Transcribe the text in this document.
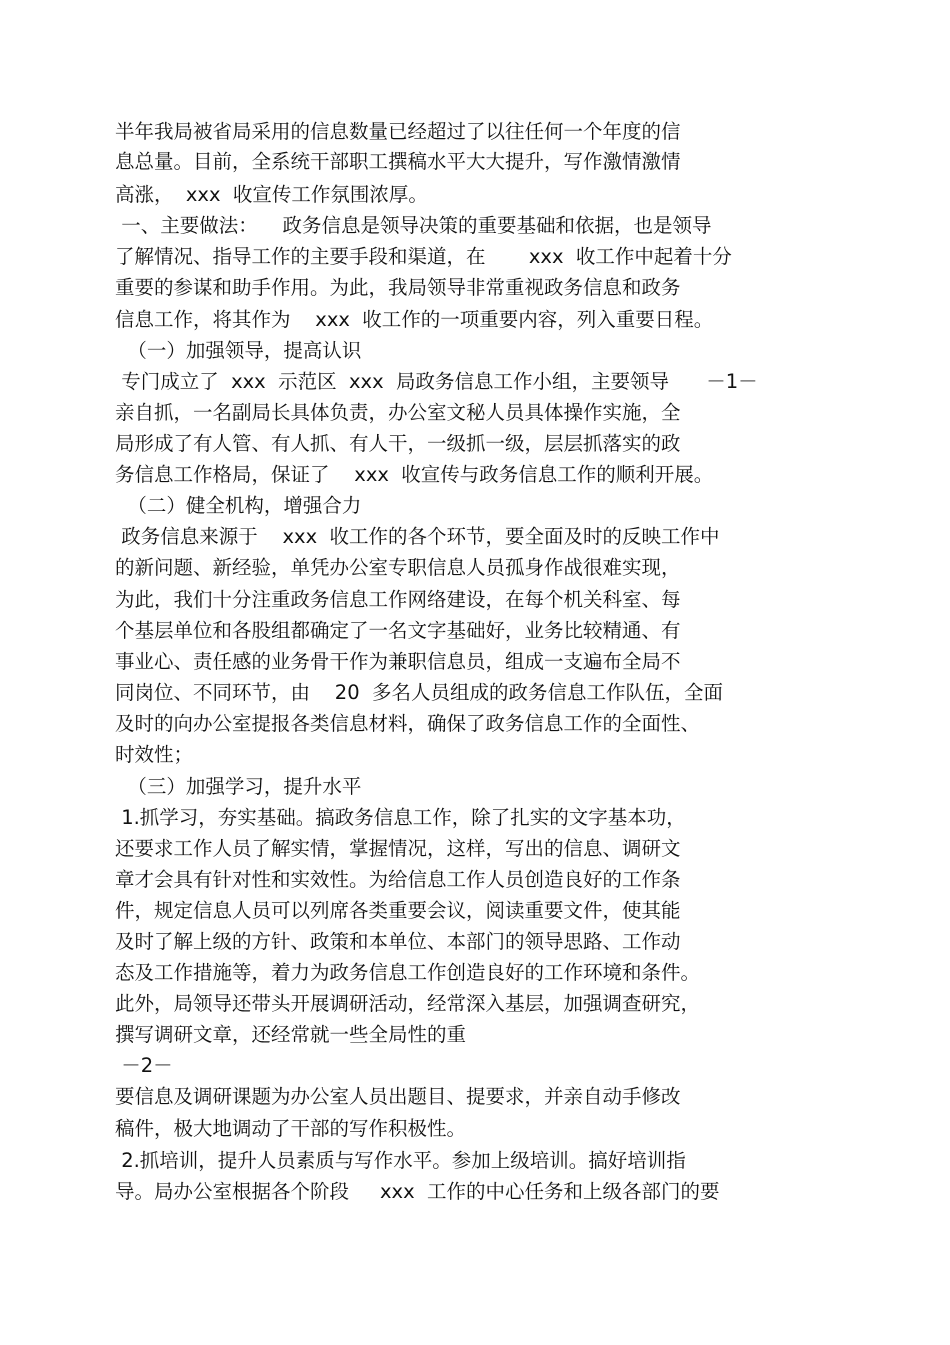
半年我局被省局采用的信息数量已经超过了以往任何一个年度的信
息总量。目前，全系统干部职工撰稿水平大大提升，写作激情激情
高涨，  xxx  收宣传工作氛围浓厚。
一、主要做法：    政务信息是领导决策的重要基础和依据，也是领导
了解情况、指导工作的主要手段和渠道，在       xxx  收工作中起着十分
重要的参谋和助手作用。为此，我局领导非常重视政务信息和政务
信息工作，将其作为    xxx  收工作的一项重要内容，列入重要日程。
（一）加强领导，提高认识
专门成立了  xxx  示范区  xxx  局政务信息工作小组，主要领导      －1－
亲自抓，一名副局长具体负责，办公室文秘人员具体操作实施，全
局形成了有人管、有人抓、有人干，一级抓一级，层层抓落实的政
务信息工作格局，保证了    xxx  收宣传与政务信息工作的顺利开展。
（二）健全机构，增强合力
政务信息来源于    xxx  收工作的各个环节，要全面及时的反映工作中
的新问题、新经验，单凭办公室专职信息人员孤身作战很难实现，
为此，我们十分注重政务信息工作网络建设，在每个机关科室、每
个基层单位和各股组都确定了一名文字基础好，业务比较精通、有
事业心、责任感的业务骨干作为兼职信息员，组成一支遍布全局不
同岗位、不同环节，由    20  多名人员组成的政务信息工作队伍，全面
及时的向办公室提报各类信息材料，确保了政务信息工作的全面性、
时效性；
（三）加强学习，提升水平
1.抓学习，夯实基础。搞政务信息工作，除了扎实的文字基本功，
还要求工作人员了解实情，掌握情况，这样，写出的信息、调研文
章才会具有针对性和实效性。为给信息工作人员创造良好的工作条
件，规定信息人员可以列席各类重要会议，阅读重要文件，使其能
及时了解上级的方针、政策和本单位、本部门的领导思路、工作动
态及工作措施等，着力为政务信息工作创造良好的工作环境和条件。
此外，局领导还带头开展调研活动，经常深入基层，加强调查研究，
撰写调研文章，还经常就一些全局性的重
－2－
要信息及调研课题为办公室人员出题目、提要求，并亲自动手修改
稿件，极大地调动了干部的写作积极性。
2.抓培训，提升人员素质与写作水平。参加上级培训。搞好培训指
导。局办公室根据各个阶段     xxx  工作的中心任务和上级各部门的要
